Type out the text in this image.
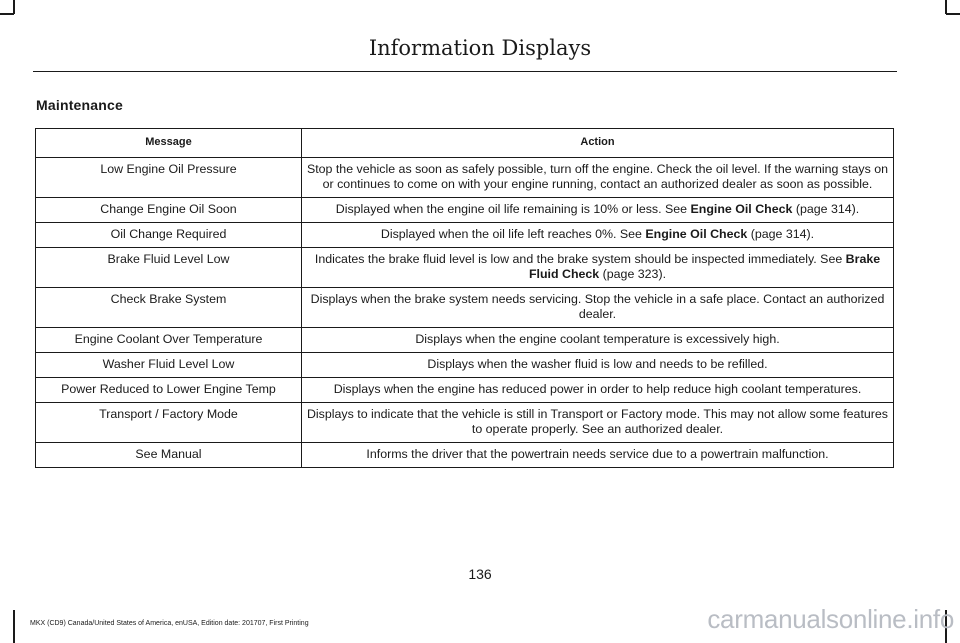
Information Displays
Maintenance
Message	Action
Low Engine Oil Pressure	Stop the vehicle as soon as safely possible, turn off the engine. Check the oil level. If the warning stays on or continues to come on with your engine running, contact an authorized dealer as soon as possible.
Change Engine Oil Soon	Displayed when the engine oil life remaining is 10% or less. See Engine Oil Check (page 314).
Oil Change Required	Displayed when the oil life left reaches 0%. See Engine Oil Check (page 314).
Brake Fluid Level Low	Indicates the brake fluid level is low and the brake system should be inspected immediately. See Brake Fluid Check (page 323).
Check Brake System	Displays when the brake system needs servicing. Stop the vehicle in a safe place. Contact an authorized dealer.
Engine Coolant Over Temperature	Displays when the engine coolant temperature is excessively high.
Washer Fluid Level Low	Displays when the washer fluid is low and needs to be refilled.
Power Reduced to Lower Engine Temp	Displays when the engine has reduced power in order to help reduce high coolant temperatures.
Transport / Factory Mode	Displays to indicate that the vehicle is still in Transport or Factory mode. This may not allow some features to operate properly. See an authorized dealer.
See Manual	Informs the driver that the powertrain needs service due to a powertrain malfunction.
136
MKX (CD9) Canada/United States of America, enUSA, Edition date: 201707, First Printing	carmanualsonline.info
